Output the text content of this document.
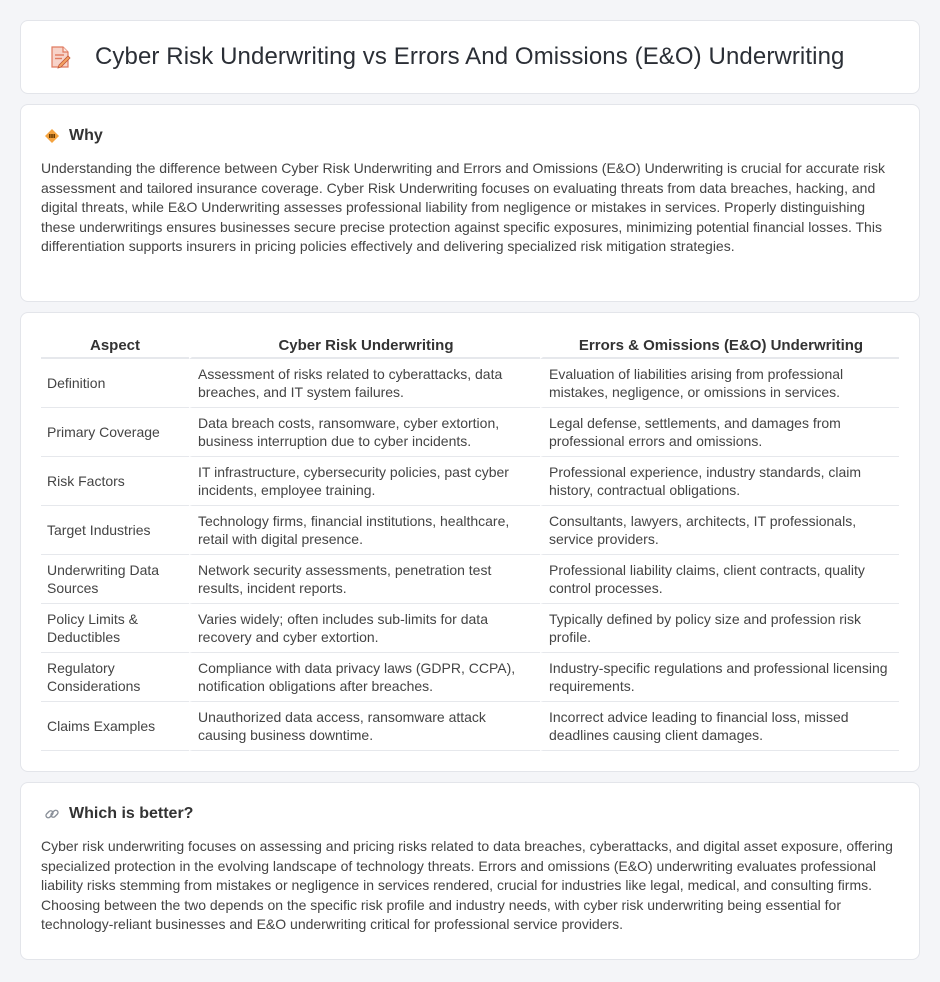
Cyber Risk Underwriting vs Errors And Omissions (E&O) Underwriting
Why

Understanding the difference between Cyber Risk Underwriting and Errors and Omissions (E&O) Underwriting is crucial for accurate risk assessment and tailored insurance coverage. Cyber Risk Underwriting focuses on evaluating threats from data breaches, hacking, and digital threats, while E&O Underwriting assesses professional liability from negligence or mistakes in services. Properly distinguishing these underwritings ensures businesses secure precise protection against specific exposures, minimizing potential financial losses. This differentiation supports insurers in pricing policies effectively and delivering specialized risk mitigation strategies.

Aspect	Cyber Risk Underwriting	Errors & Omissions (E&O) Underwriting
Definition	Assessment of risks related to cyberattacks, data breaches, and IT system failures.	Evaluation of liabilities arising from professional mistakes, negligence, or omissions in services.
Primary Coverage	Data breach costs, ransomware, cyber extortion, business interruption due to cyber incidents.	Legal defense, settlements, and damages from professional errors and omissions.
Risk Factors	IT infrastructure, cybersecurity policies, past cyber incidents, employee training.	Professional experience, industry standards, claim history, contractual obligations.
Target Industries	Technology firms, financial institutions, healthcare, retail with digital presence.	Consultants, lawyers, architects, IT professionals, service providers.
Underwriting Data Sources	Network security assessments, penetration test results, incident reports.	Professional liability claims, client contracts, quality control processes.
Policy Limits & Deductibles	Varies widely; often includes sub-limits for data recovery and cyber extortion.	Typically defined by policy size and profession risk profile.
Regulatory Considerations	Compliance with data privacy laws (GDPR, CCPA), notification obligations after breaches.	Industry-specific regulations and professional licensing requirements.
Claims Examples	Unauthorized data access, ransomware attack causing business downtime.	Incorrect advice leading to financial loss, missed deadlines causing client damages.
Which is better?

Cyber risk underwriting focuses on assessing and pricing risks related to data breaches, cyberattacks, and digital asset exposure, offering specialized protection in the evolving landscape of technology threats. Errors and omissions (E&O) underwriting evaluates professional liability risks stemming from mistakes or negligence in services rendered, crucial for industries like legal, medical, and consulting firms. Choosing between the two depends on the specific risk profile and industry needs, with cyber risk underwriting being essential for technology-reliant businesses and E&O underwriting critical for professional service providers.
